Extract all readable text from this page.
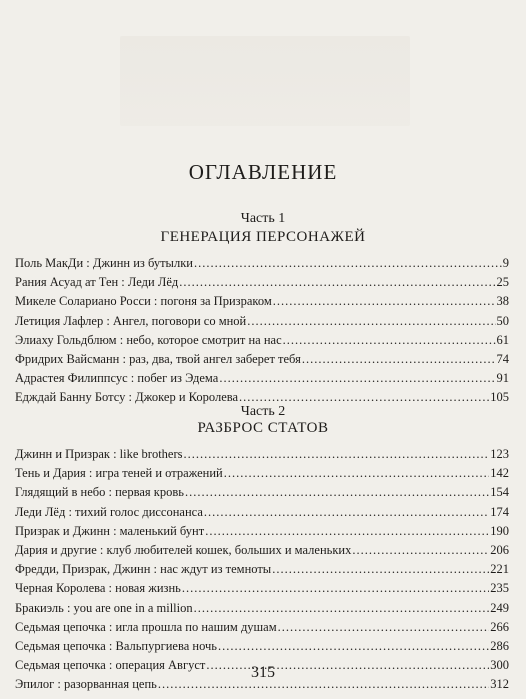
ОГЛАВЛЕНИЕ
Часть 1
ГЕНЕРАЦИЯ ПЕРСОНАЖЕЙ
Поль МакДи : Джинн из бутылки .....	9
Рания Асуад ат Тен : Леди Лёд .....	25
Микеле Солариано Росси : погоня за Призраком .....	38
Летиция Лафлер : Ангел, поговори со мной .....	50
Элиаху Гольдблюм : небо, которое смотрит на нас .....	61
Фридрих Вайсманн : раз, два, твой ангел заберет тебя .....	74
Адрастея Филиппсус : побег из Эдема .....	91
Едждай Банну Ботсу : Джокер и Королева .....	105
Часть 2
РАЗБРОС СТАТОВ
Джинн и Призрак : like brothers .....	123
Тень и Дария : игра теней и отражений .....	142
Глядящий в небо : первая кровь .....	154
Леди Лёд : тихий голос диссонанса .....	174
Призрак и Джинн : маленький бунт .....	190
Дария и другие : клуб любителей кошек, больших и маленьких .....	206
Фредди, Призрак, Джинн : нас ждут из темноты .....	221
Черная Королева : новая жизнь .....	235
Бракиэль : you are one in a million .....	249
Седьмая цепочка : игла прошла по нашим душам .....	266
Седьмая цепочка : Вальпургиева ночь .....	286
Седьмая цепочка : операция Август .....	300
Эпилог : разорванная цепь .....	312
315
